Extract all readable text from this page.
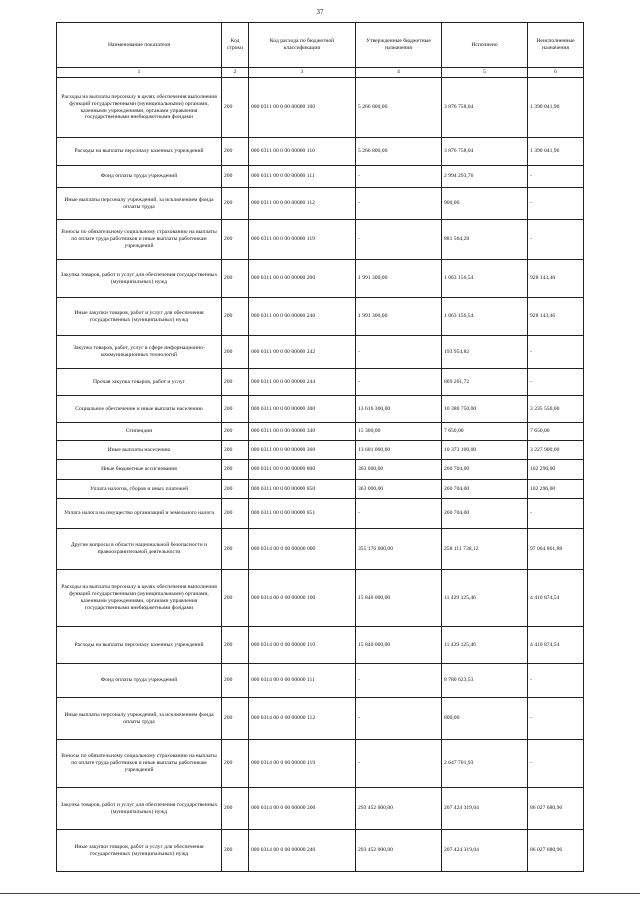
37
Наименование показателя	Код строки	Код расхода по бюджетной классификации	Утвержденные бюджетные назначения	Исполнено	Неисполненные назначения
1	2	3	4	5	6
Расходы на выплаты персоналу в целях обеспечения выполнения функций государственными (муниципальными) органами, казенными учреждениями, органами управления государственными внебюджетными фондами	200	000 0311 00 0 00 00000 100	5 266 800,00	3 876 758,04	1 390 041,96
Расходы на выплаты персоналу казенных учреждений	200	000 0311 00 0 00 00000 110	5 266 800,00	3 876 758,04	1 390 041,96
Фонд оплаты труда учреждений	200	000 0311 00 0 00 00000 111	-	2 994 293,76	-
Иные выплаты персоналу учреждений, за исключением фонда оплаты труда	200	000 0311 00 0 00 00000 112	-	900,00	-
Взносы по обязательному социальному страхованию на выплаты по оплате труда работников и иные выплаты работникам учреждений	200	000 0311 00 0 00 00000 119	-	881 564,28	-
Закупка товаров, работ и услуг для обеспечения государственных (муниципальных) нужд	200	000 0311 00 0 00 00000 200	1 991 300,00	1 063 156,54	928 143,46
Иные закупки товаров, работ и услуг для обеспечения государственных (муниципальных) нужд	200	000 0311 00 0 00 00000 240	1 991 300,00	1 063 156,54	928 143,46
Закупка товаров, работ, услуг в сфере информационно-коммуникационных технологий	200	000 0311 00 0 00 00000 242	-	193 954,82	-
Прочая закупка товаров, работ и услуг	200	000 0311 00 0 00 00000 244	-	869 201,72	-
Социальное обеспечение и иные выплаты населению	200	000 0311 00 0 00 00000 300	13 616 300,00	10 380 750,00	3 235 550,00
Стипендии	200	000 0311 00 0 00 00000 340	15 300,00	7 650,00	7 650,00
Иные выплаты населению	200	000 0311 00 0 00 00000 360	13 601 000,00	10 373 100,00	3 227 900,00
Иные бюджетные ассигнования	200	000 0311 00 0 00 00000 800	363 000,00	260 704,00	102 296,00
Уплата налогов, сборов и иных платежей	200	000 0311 00 0 00 00000 850	363 000,00	260 704,00	102 296,00
Уплата налога на имущество организаций и земельного налога	200	000 0311 00 0 00 00000 851	-	260 704,00	-
Другие вопросы в области национальной безопасности и правоохранительной деятельности	200	000 0314 00 0 00 00000 000	355 176 600,00	258 111 738,12	97 064 861,88
Расходы на выплаты персоналу в целях обеспечения выполнения функций государственными (муниципальными) органами, казенными учреждениями, органами управления государственными внебюджетными фондами	200	000 0314 00 0 00 00000 100	15 840 000,00	11 429 125,46	4 410 874,54
Расходы на выплаты персоналу казенных учреждений	200	000 0314 00 0 00 00000 110	15 840 000,00	11 429 125,46	4 410 874,54
Фонд оплаты труда учреждений	200	000 0314 00 0 00 00000 111	-	8 780 623,53	-
Иные выплаты персоналу учреждений, за исключением фонда оплаты труда	200	000 0314 00 0 00 00000 112	-	800,00	-
Взносы по обязательному социальному страхованию на выплаты по оплате труда работников и иные выплаты работникам учреждений	200	000 0314 00 0 00 00000 119	-	2 647 701,93	-
Закупка товаров, работ и услуг для обеспечения государственных (муниципальных) нужд	200	000 0314 00 0 00 00000 200	293 452 000,00	207 424 319,04	86 027 680,96
Иные закупки товаров, работ и услуг для обеспечения государственных (муниципальных) нужд	200	000 0314 00 0 00 00000 240	293 452 000,00	207 424 319,04	86 027 680,96
